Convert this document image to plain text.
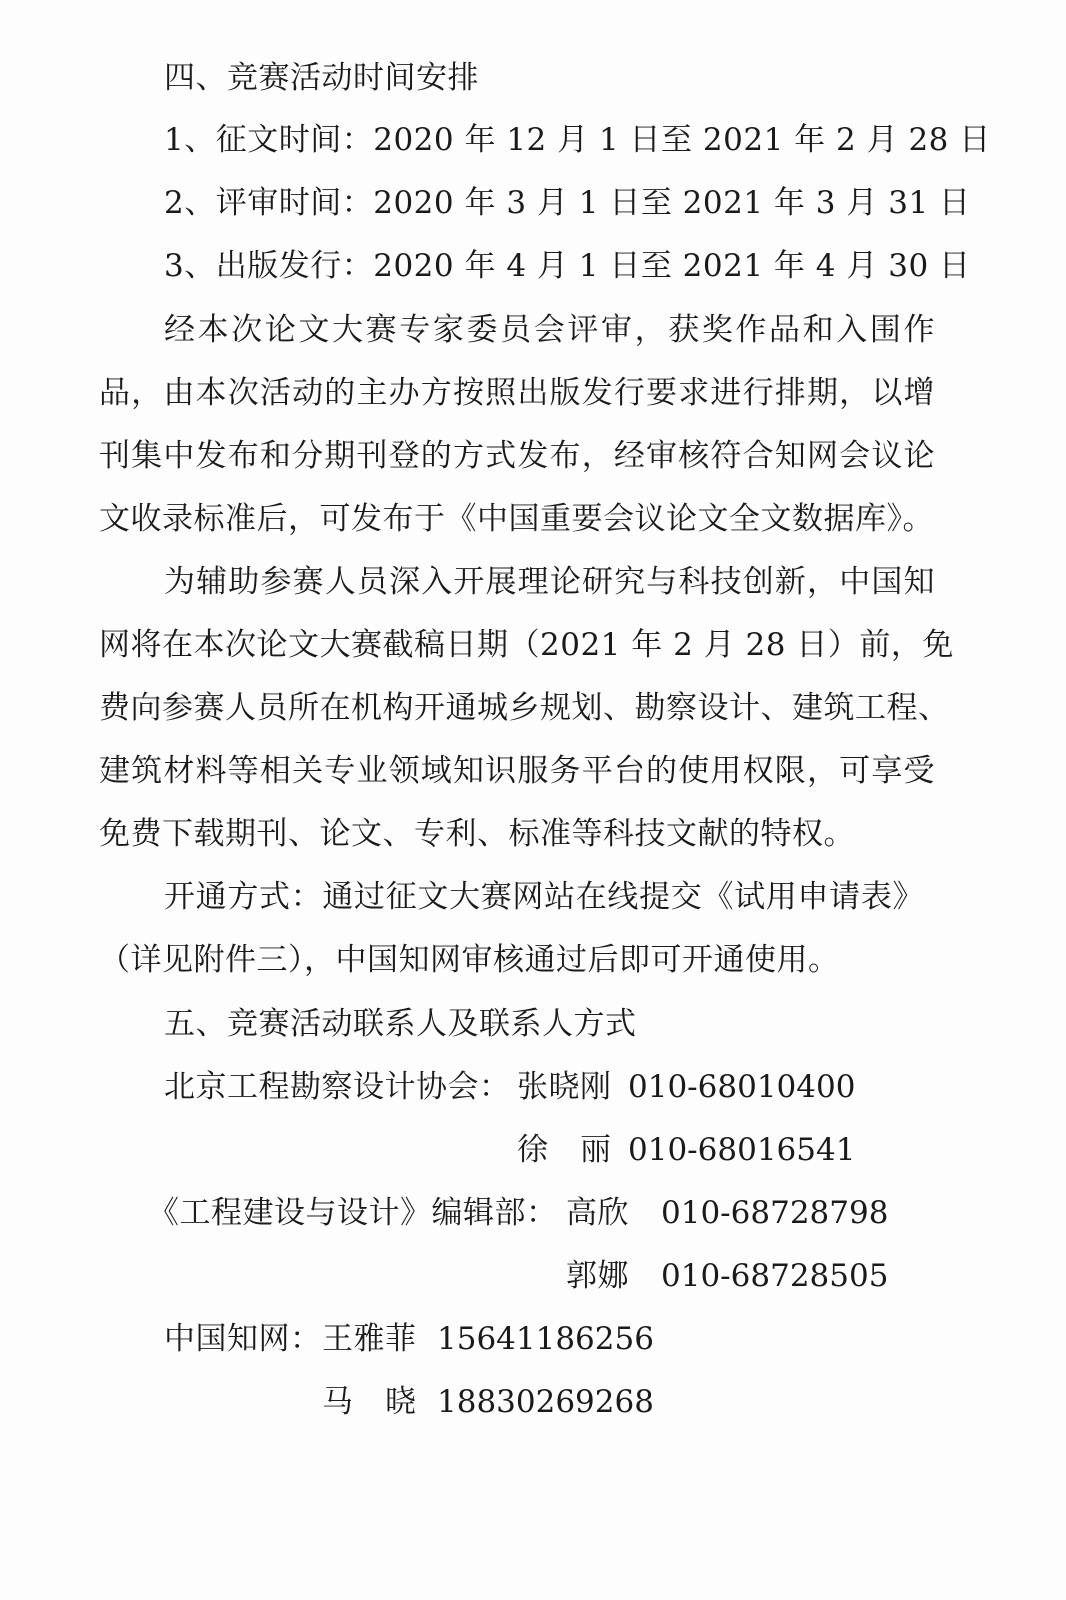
四、竞赛活动时间安排
1、征文时间：2020 年 12 月 1 日至 2021 年 2 月 28 日
2、评审时间：2020 年 3 月 1 日至 2021 年 3 月 31 日
3、出版发行：2020 年 4 月 1 日至 2021 年 4 月 30 日
经本次论文大赛专家委员会评审，获奖作品和入围作
品，由本次活动的主办方按照出版发行要求进行排期，以增
刊集中发布和分期刊登的方式发布，经审核符合知网会议论
文收录标准后，可发布于《中国重要会议论文全文数据库》。
为辅助参赛人员深入开展理论研究与科技创新，中国知
网将在本次论文大赛截稿日期（2021 年 2 月 28 日）前，免
费向参赛人员所在机构开通城乡规划、勘察设计、建筑工程、
建筑材料等相关专业领域知识服务平台的使用权限，可享受
免费下载期刊、论文、专利、标准等科技文献的特权。
开通方式：通过征文大赛网站在线提交《试用申请表》
（详见附件三），中国知网审核通过后即可开通使用。
五、竞赛活动联系人及联系人方式
北京工程勘察设计协会： 张晓刚 010-68010400
徐　丽 010-68016541
《工程建设与设计》编辑部： 高欣 010-68728798
郭娜 010-68728505
中国知网： 王雅菲 15641186256
马　晓 18830269268
